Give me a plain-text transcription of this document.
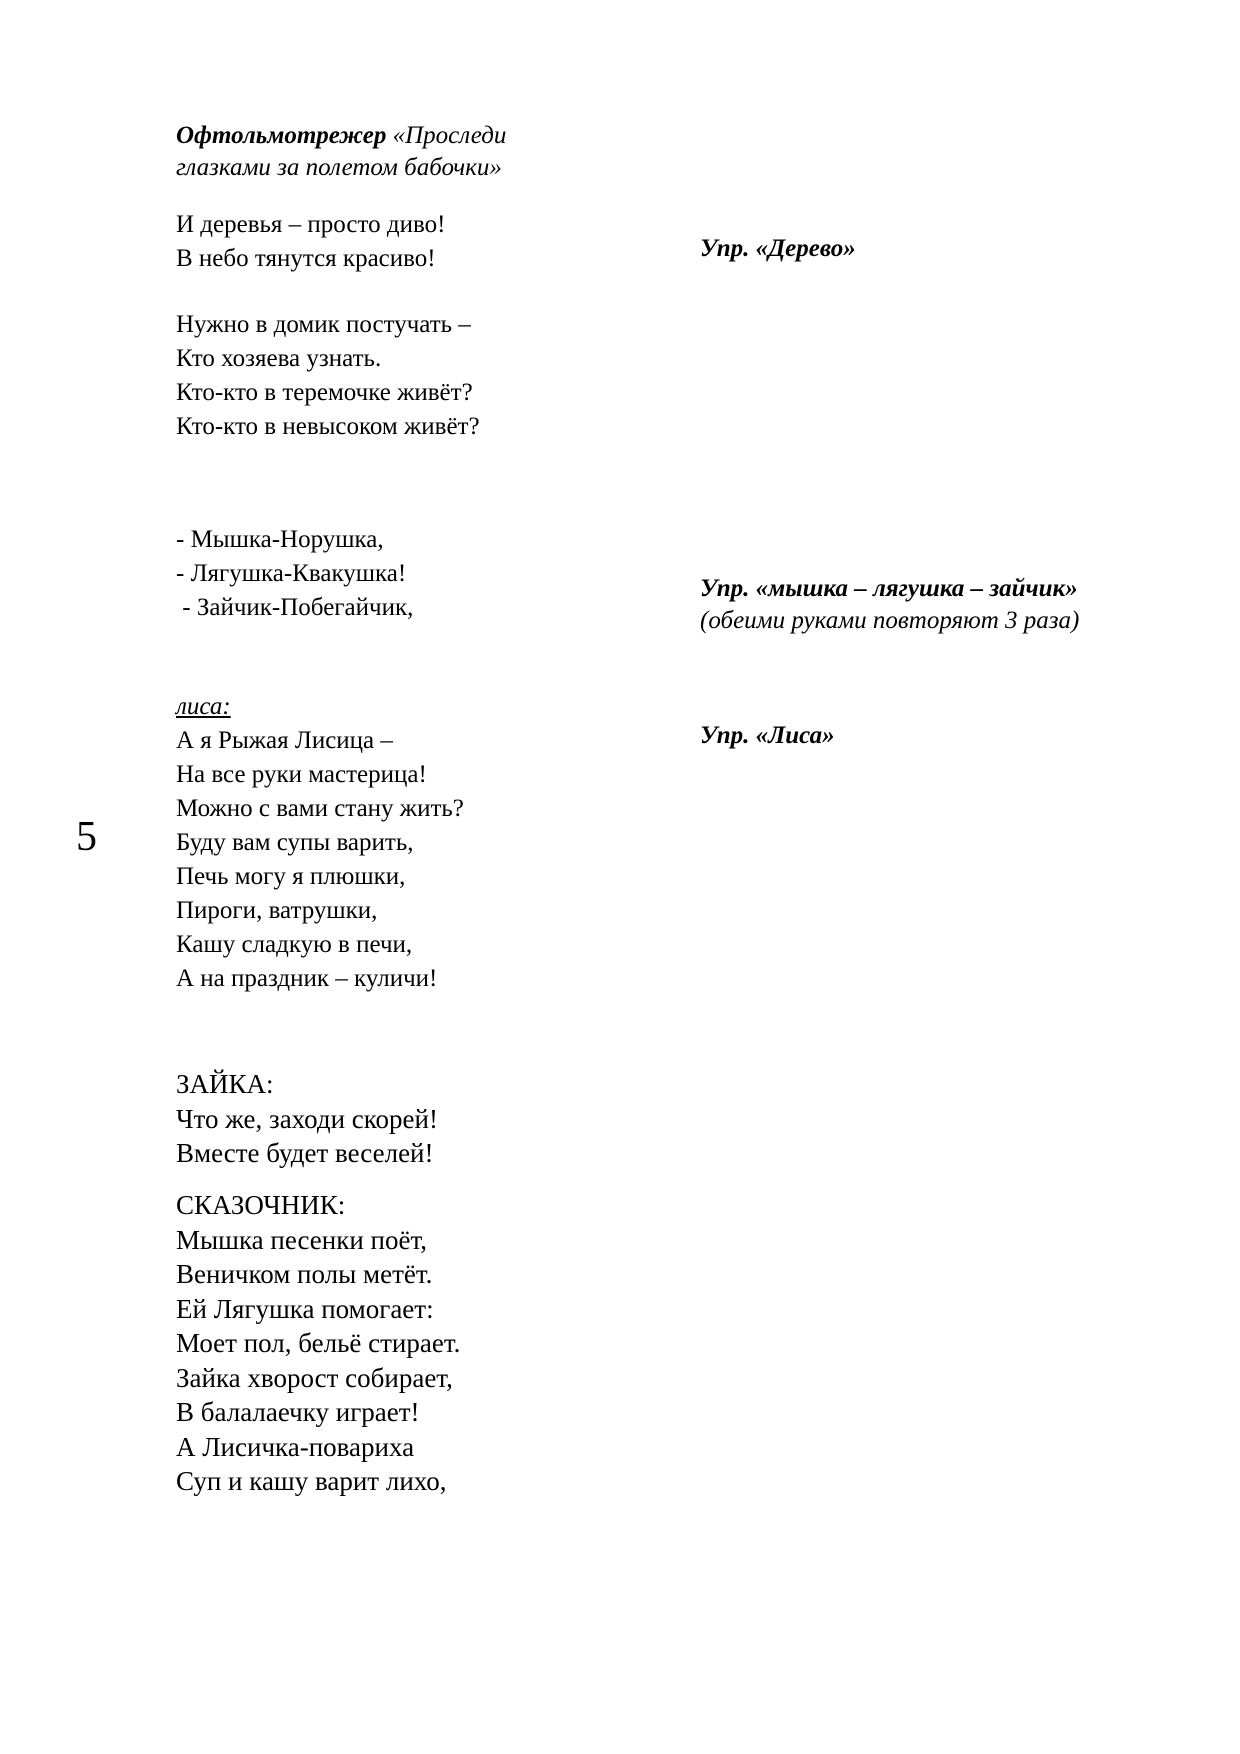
Офтольмотрежер «Проследи
глазками за полетом бабочки»
И деревья – просто диво!
В небо тянутся красиво!	Упр. «Дерево»
Нужно в домик постучать –
Кто хозяева узнать.
Кто-кто в теремочке живёт?
Кто-кто в невысоком живёт?
- Мышка-Норушка,
- Лягушка-Квакушка!
- Зайчик-Побегайчик,
Упр. «мышка – лягушка – зайчик»
(обеими руками повторяют 3 раза)
лиса:
А я Рыжая Лисица –
На все руки мастерица!
Можно с вами стану жить?
Буду вам супы варить,
Печь могу я плюшки,
Пироги, ватрушки,
Кашу сладкую в печи,
А на праздник – куличи!
Упр. «Лиса»
5
ЗАЙКА:
Что же, заходи скорей!
Вместе будет веселей!
СКАЗОЧНИК:
Мышка песенки поёт,
Веничком полы метёт.
Ей Лягушка помогает:
Моет пол, бельё стирает.
Зайка хворост собирает,
В балалаечку играет!
А Лисичка-повариха
Суп и кашу варит лихо,
